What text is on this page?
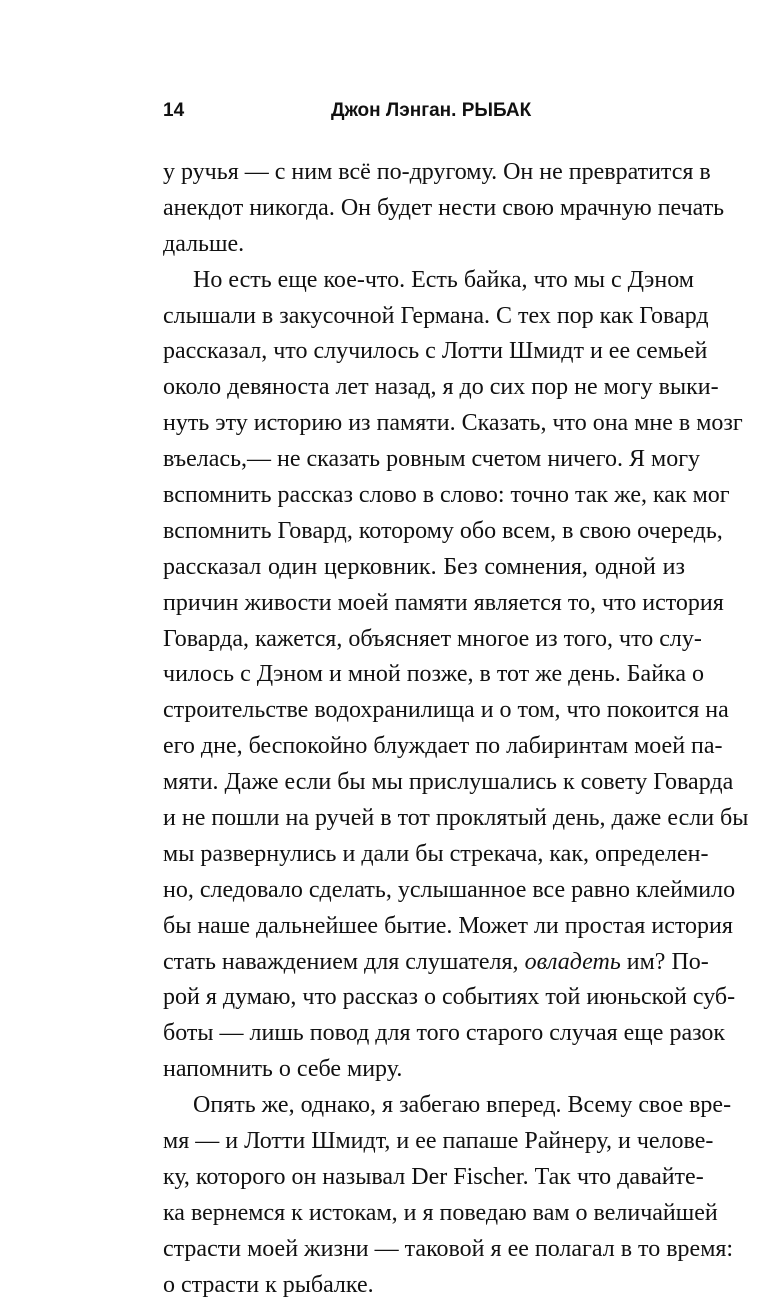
14	Джон Лэнган. РЫБАК
у ручья — с ним всё по-другому. Он не превратится в
анекдот никогда. Он будет нести свою мрачную печать
дальше.
Но есть еще кое-что. Есть байка, что мы с Дэном
слышали в закусочной Германа. С тех пор как Говард
рассказал, что случилось с Лотти Шмидт и ее семьей
около девяноста лет назад, я до сих пор не могу выки-
нуть эту историю из памяти. Сказать, что она мне в мозг
въелась,— не сказать ровным счетом ничего. Я могу
вспомнить рассказ слово в слово: точно так же, как мог
вспомнить Говард, которому обо всем, в свою очередь,
рассказал один церковник. Без сомнения, одной из
причин живости моей памяти является то, что история
Говарда, кажется, объясняет многое из того, что слу-
чилось с Дэном и мной позже, в тот же день. Байка о
строительстве водохранилища и о том, что покоится на
его дне, беспокойно блуждает по лабиринтам моей па-
мяти. Даже если бы мы прислушались к совету Говарда
и не пошли на ручей в тот проклятый день, даже если бы
мы развернулись и дали бы стрекача, как, определен-
но, следовало сделать, услышанное все равно клеймило
бы наше дальнейшее бытие. Может ли простая история
стать наваждением для слушателя, овладеть им? По-
рой я думаю, что рассказ о событиях той июньской суб-
боты — лишь повод для того старого случая еще разок
напомнить о себе миру.
Опять же, однако, я забегаю вперед. Всему свое вре-
мя — и Лотти Шмидт, и ее папаше Райнеру, и челове-
ку, которого он называл Der Fischer. Так что давайте-
ка вернемся к истокам, и я поведаю вам о величайшей
страсти моей жизни — таковой я ее полагал в то время:
о страсти к рыбалке.
